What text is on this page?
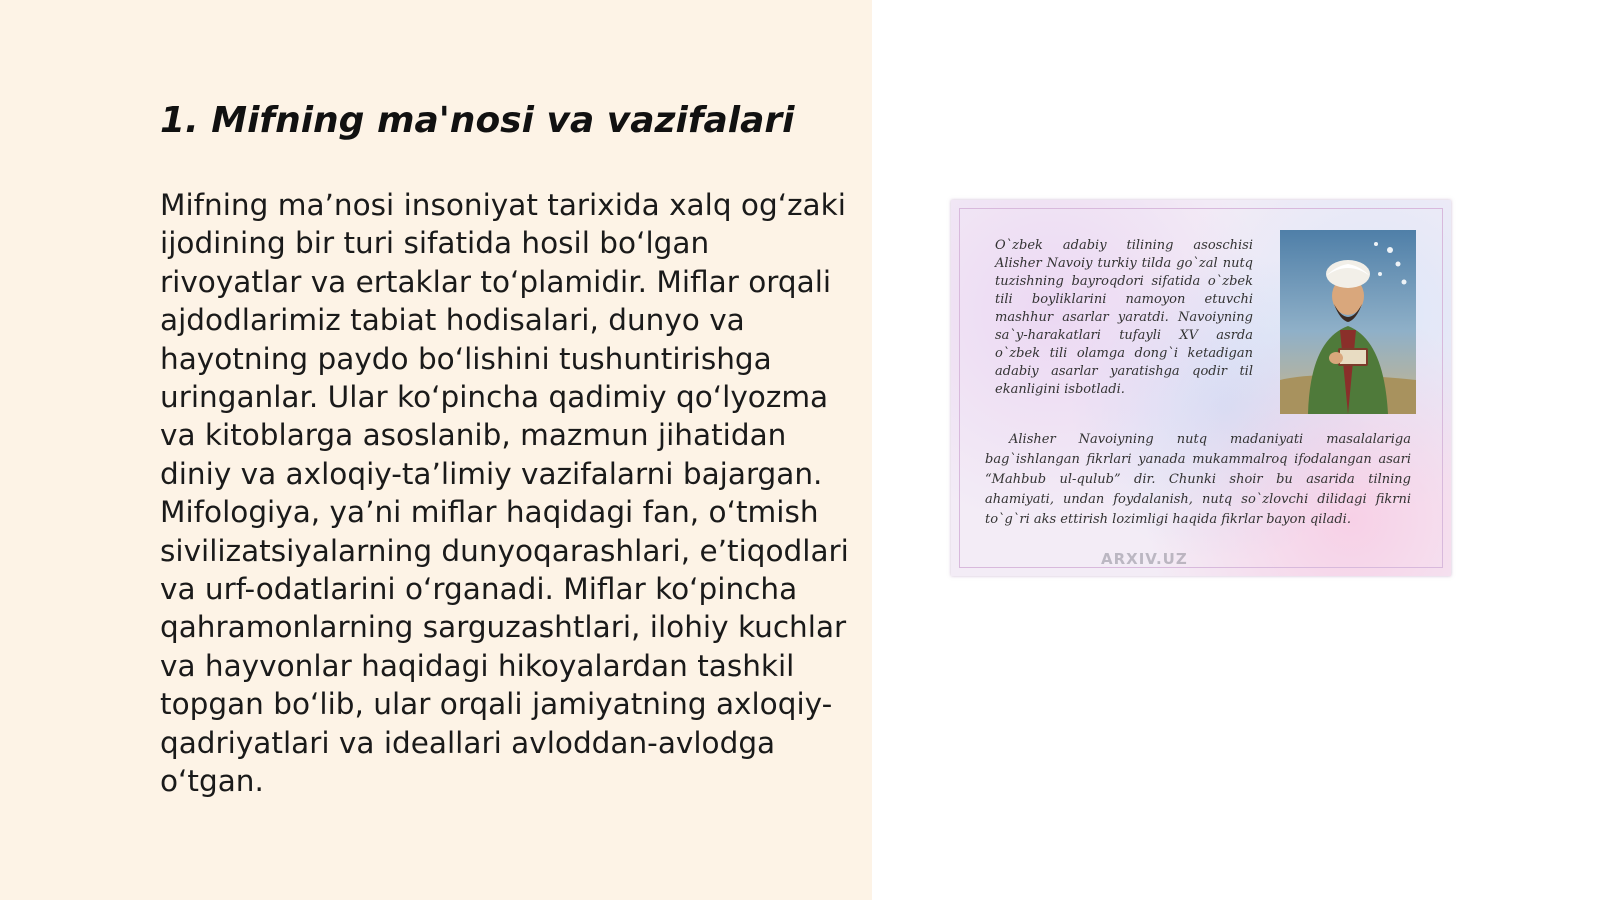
1. Mifning ma'nosi va vazifalari

Mifning ma’nosi insoniyat tarixida xalq og‘zaki ijodining bir turi sifatida hosil bo‘lgan rivoyatlar va ertaklar to‘plamidir. Miflar orqali ajdodlarimiz tabiat hodisalari, dunyo va hayotning paydo bo‘lishini tushuntirishga uringanlar. Ular ko‘pincha qadimiy qo‘lyozma va kitoblarga asoslanib, mazmun jihatidan diniy va axloqiy-ta’limiy vazifalarni bajargan. Mifologiya, ya’ni miflar haqidagi fan, o‘tmish sivilizatsiyalarning dunyoqarashlari, e’tiqodlari va urf-odatlarini o‘rganadi. Miflar ko‘pincha qahramonlarning sarguzashtlari, ilohiy kuchlar va hayvonlar haqidagi hikoyalardan tashkil topgan bo‘lib, ular orqali jamiyatning axloqiy-qadriyatlari va ideallari avloddan-avlodga o‘tgan.

O`zbek adabiy tilining asoschisi Alisher Navoiy turkiy tilda go`zal nutq tuzishning bayroqdori sifatida o`zbek tili boyliklarini namoyon etuvchi mashhur asarlar yaratdi. Navoiyning sa`y-harakatlari tufayli XV asrda o`zbek tili olamga dong`i ketadigan adabiy asarlar yaratishga qodir til ekanligini isbotladi.

Alisher Navoiyning nutq madaniyati masalalariga bag`ishlangan fikrlari yanada mukammalroq ifodalangan asari “Mahbub ul-qulub” dir. Chunki shoir bu asarida tilning ahamiyati, undan foydalanish, nutq so`zlovchi dilidagi fikrni to`g`ri aks ettirish lozimligi haqida fikrlar bayon qiladi.

ARXIV.UZ
